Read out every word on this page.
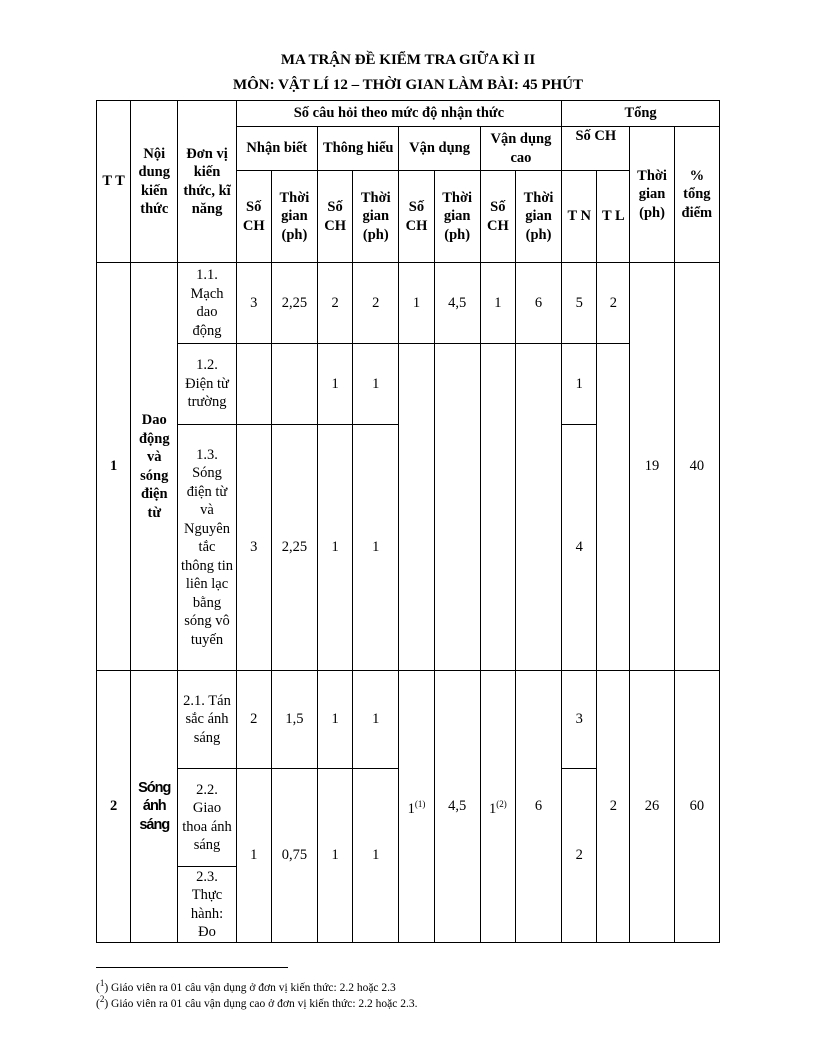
MA TRẬN ĐỀ KIỂM TRA GIỮA KÌ II
MÔN: VẬT LÍ 12 – THỜI GIAN LÀM BÀI: 45 PHÚT
T T	Nội dung kiến thức	Đơn vị kiến thức, kĩ năng	Số câu hỏi theo mức độ nhận thức								Tổng			
			Nhận biết		Thông hiểu		Vận dụng		Vận dụng cao		Số CH		Thời gian (ph)	% tổng điểm
			Số CH	Thời gian (ph)	Số CH	Thời gian (ph)	Số CH	Thời gian (ph)	Số CH	Thời gian (ph)	T N	T L		
1	Dao động và sóng điện từ	1.1. Mạch dao động	3	2,25	2	2	1	4,5	1	6	5	2	19	40
		1.2. Điện từ trường			1	1					1			
		1.3. Sóng điện từ và Nguyên tắc thông tin liên lạc bằng sóng vô tuyến	3	2,25	1	1					4			
2	Sóng ánh sáng	2.1. Tán sắc ánh sáng	2	1,5	1	1	1$^{(1)}$	4,5	1$^{(2)}$	6	3	2	26	60
		2.2. Giao thoa ánh sáng	1	0,75	1	1					2			
		2.3. Thực hành: Đo												
($^1$) Giáo viên ra 01 câu vận dụng ở đơn vị kiến thức: 2.2 hoặc 2.3
($^2$) Giáo viên ra 01 câu vận dụng cao ở đơn vị kiến thức: 2.2 hoặc 2.3.
